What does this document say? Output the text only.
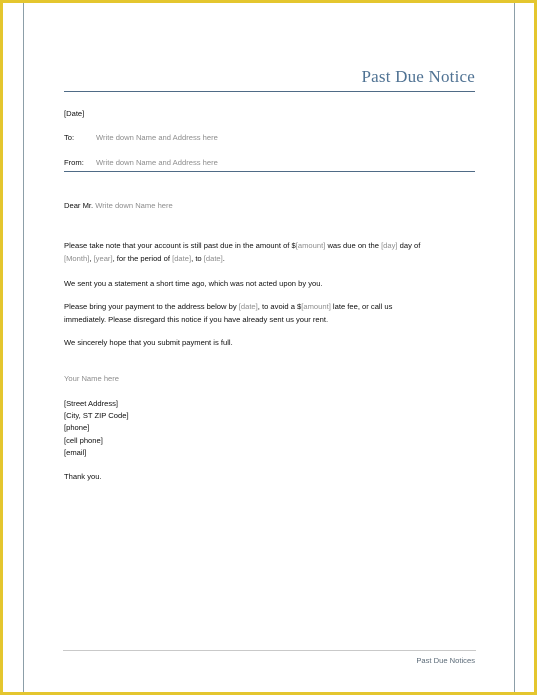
Past Due Notice
[Date]
To:	Write down Name and Address here
From: Write down Name and Address here
Dear Mr. Write down Name here
Please take note that your account is still past due in the amount of $[amount] was due on the [day] day of
[Month], [year], for the period of [date], to [date].
We sent you a statement a short time ago, which was not acted upon by you.
Please bring your payment to the address below by [date], to avoid a $[amount] late fee, or call us
immediately. Please disregard this notice if you have already sent us your rent.
We sincerely hope that you submit payment is full.
Your Name here
[Street Address]
[City, ST ZIP Code]
[phone]
[cell phone]
[email]
Thank you.
Past Due Notices
